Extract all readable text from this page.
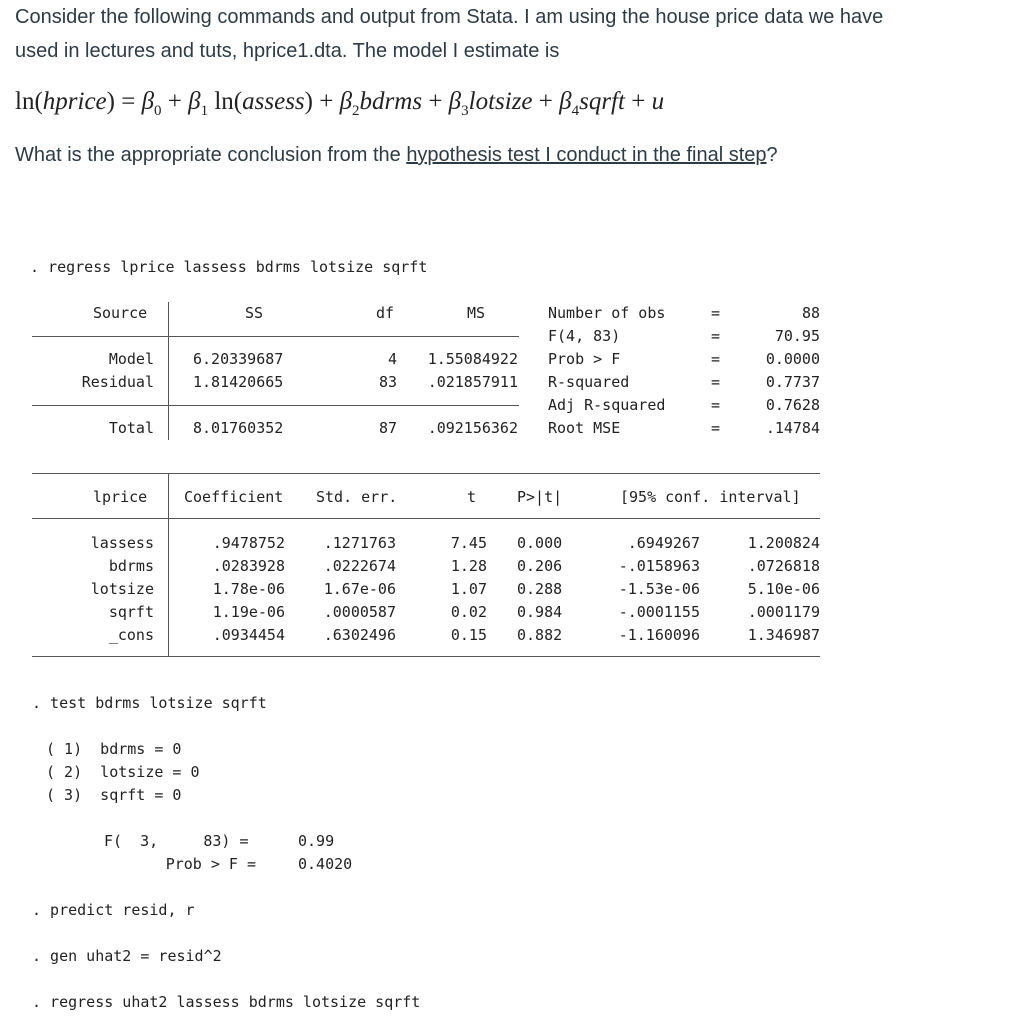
Consider the following commands and output from Stata. I am using the house price data we have
used in lectures and tuts, hprice1.dta. The model I estimate is
ln(hprice) = $\beta_0 + \beta_1$ ln(assess) + $\beta_2bdrms$ + $\beta_3lotsize$ + $\beta_4sqrft + u$
What is the appropriate conclusion from the hypothesis test I conduct in the final step?
. regress lprice lassess bdrms lotsize sqrft
Source	SS	df	MS
Model	6.20339687	4	1.55084922
Residual	1.81420665	83	.021857911
Total	8.01760352	87	.092156362
Number of obs	=	88
F(4, 83)	=	70.95
Prob > F	=	0.0000
R-squared	=	0.7737
Adj R-squared	=	0.7628
Root MSE	=	.14784
lprice Coefficient Std. err.	t	P>|t|	[95% conf. interval]
lassess	.9478752	.1271763	7.45 0.000	.6949267	1.200824
bdrms	.0283928	.0222674	1.28 0.206	-.0158963	.0726818
lotsize	1.78e-06	1.67e-06	1.07 0.288	-1.53e-06	5.10e-06
sqrft	1.19e-06	.0000587	0.02 0.984	-.0001155	.0001179
_cons	.0934454	.6302496	0.15 0.882	-1.160096	1.346987
. test bdrms lotsize sqrft
( 1)  bdrms = 0
( 2)  lotsize = 0
( 3)  sqrft = 0
F(  3,     83) =	0.99
Prob > F =	0.4020
. predict resid, r
. gen uhat2 = resid^2
. regress uhat2 lassess bdrms lotsize sqrft
